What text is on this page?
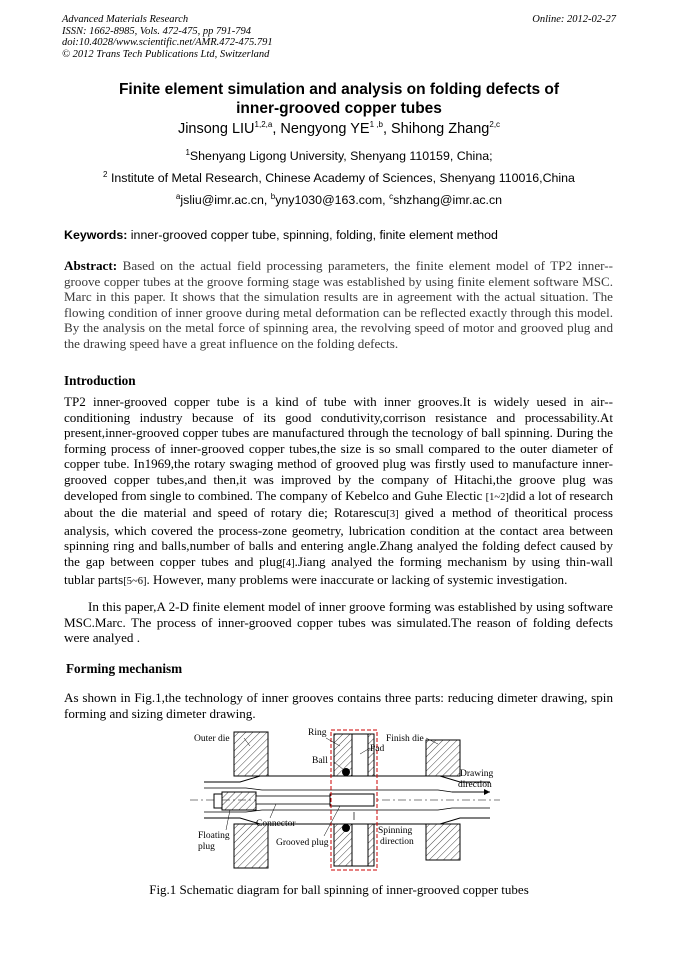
Advanced Materials Research
ISSN: 1662-8985, Vols. 472-475, pp 791-794
doi:10.4028/www.scientific.net/AMR.472-475.791
© 2012 Trans Tech Publications Ltd, Switzerland
Online: 2012-02-27
Finite element simulation and analysis on folding defects of
inner-grooved copper tubes
Jinsong LIU$^{1,2,a}$, Nengyong YE$^{1 ,b}$, Shihong Zhang$^{2,c}$
$^1$Shenyang Ligong University, Shenyang 110159, China;
$^2$ Institute of Metal Research, Chinese Academy of Sciences, Shenyang 110016,China
$^a$jsliu@imr.ac.cn, $^b$yny1030@163.com, $^c$shzhang@imr.ac.cn
Keywords: inner-grooved copper tube, spinning, folding, finite element method
Abstract: Based on the actual field processing parameters, the finite element model of TP2 inner--groove copper tubes at the groove forming stage was established by using finite element software MSC. Marc in this paper. It shows that the simulation results are in agreement with the actual situation. The flowing condition of inner groove during metal deformation can be reflected exactly through this model. By the analysis on the metal force of spinning area, the revolving speed of motor and grooved plug and the drawing speed have a great influence on the folding defects.
Introduction
TP2 inner-grooved copper tube is a kind of tube with inner grooves.It is widely uesed in air--conditioning industry because of its good condutivity,corrison resistance and processability.At present,inner-grooved copper tubes are manufactured through the tecnology of ball spinning. During the forming process of inner-grooved copper tubes,the size is so small compared to the outer diameter of copper tube. In1969,the rotary swaging method of grooved plug was firstly used to manufacture inner-grooved copper tubes,and then,it was improved by the company of Hitachi,the groove plug was developed from single to combined. The company of Kebelco and Guhe Electic [1~2]did a lot of research about the die material and speed of rotary die; Rotarescu[3] gived a method of theoritical process analysis, which covered the process-zone geometry, lubrication condition at the contact area between spinning ring and balls,number of balls and entering angle.Zhang analyed the folding defect caused by the gap between copper tubes and plug[4].Jiang analyed the forming mechanism by using thin-wall tublar parts[5~6]. However, many problems were inaccurate or lacking of systemic investigation.
In this paper,A 2-D finite element model of inner groove forming was established by using software MSC.Marc. The process of inner-grooved copper tubes was simulated.The reason of folding defects were analyed .
Forming mechanism
As shown in Fig.1,the technology of inner grooves contains three parts: reducing dimeter drawing, spin forming and sizing dimeter drawing.
Outer die
Ring
Pad
Finish die
Ball
Drawing
direction
Connector
Floating
plug	Grooved plug
Spinning
direction
Fig.1 Schematic diagram for ball spinning of inner-grooved copper tubes
